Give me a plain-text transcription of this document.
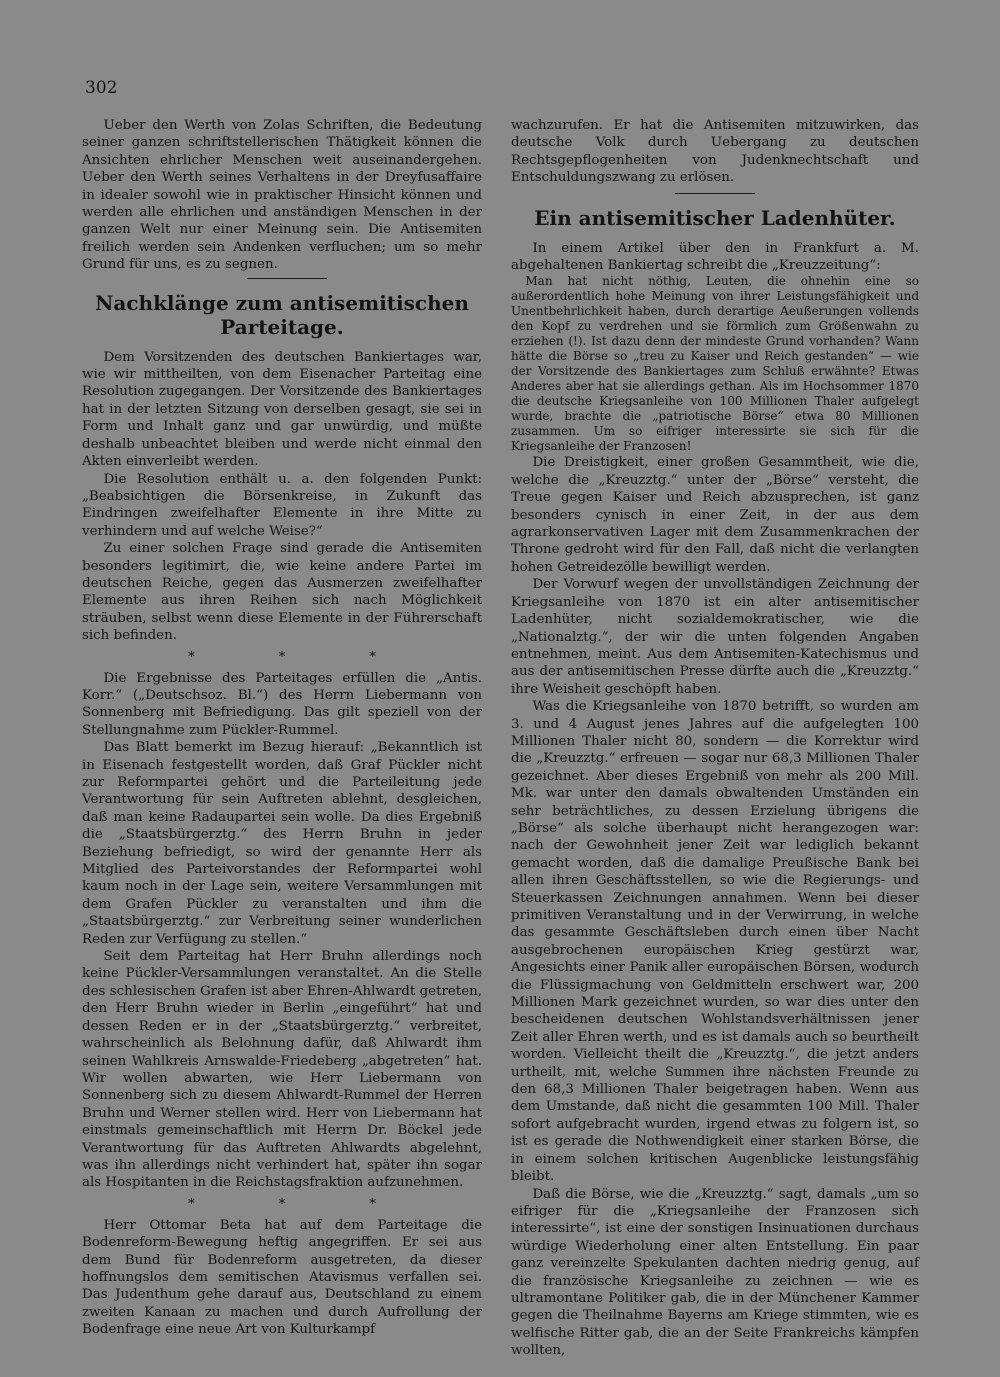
302

Ueber den Werth von Zolas Schriften, die Bedeutung seiner ganzen schriftstellerischen Thätigkeit können die Ansichten ehrlicher Menschen weit auseinandergehen. Ueber den Werth seines Verhaltens in der Dreyfusaffaire in idealer sowohl wie in praktischer Hinsicht können und werden alle ehrlichen und anständigen Menschen in der ganzen Welt nur einer Meinung sein. Die Antisemiten freilich werden sein Andenken verfluchen; um so mehr Grund für uns, es zu segnen.

Nachklänge zum antisemitischen Parteitage.

Dem Vorsitzenden des deutschen Bankiertages war, wie wir mittheilten, von dem Eisenacher Parteitag eine Resolution zugegangen. Der Vorsitzende des Bankiertages hat in der letzten Sitzung von derselben gesagt, sie sei in Form und Inhalt ganz und gar unwürdig, und müßte deshalb unbeachtet bleiben und werde nicht einmal den Akten einverleibt werden.

Die Resolution enthält u. a. den folgenden Punkt: „Beabsichtigen die Börsenkreise, in Zukunft das Eindringen zweifelhafter Elemente in ihre Mitte zu verhindern und auf welche Weise?“

Zu einer solchen Frage sind gerade die Antisemiten besonders legitimirt, die, wie keine andere Partei im deutschen Reiche, gegen das Ausmerzen zweifelhafter Elemente aus ihren Reihen sich nach Möglichkeit sträuben, selbst wenn diese Elemente in der Führerschaft sich befinden.

* * *

Die Ergebnisse des Parteitages erfüllen die „Antis. Korr.“ („Deutschsoz. Bl.“) des Herrn Liebermann von Sonnenberg mit Befriedigung. Das gilt speziell von der Stellungnahme zum Pückler-Rummel.

Das Blatt bemerkt im Bezug hierauf: „Bekanntlich ist in Eisenach festgestellt worden, daß Graf Pückler nicht zur Reformpartei gehört und die Parteileitung jede Verantwortung für sein Auftreten ablehnt, desgleichen, daß man keine Radaupartei sein wolle. Da dies Ergebniß die „Staatsbürgerztg.“ des Herrn Bruhn in jeder Beziehung befriedigt, so wird der genannte Herr als Mitglied des Parteivorstandes der Reformpartei wohl kaum noch in der Lage sein, weitere Versammlungen mit dem Grafen Pückler zu veranstalten und ihm die „Staatsbürgerztg.“ zur Verbreitung seiner wunderlichen Reden zur Verfügung zu stellen.“

Seit dem Parteitag hat Herr Bruhn allerdings noch keine Pückler-Versammlungen veranstaltet. An die Stelle des schlesischen Grafen ist aber Ehren-Ahlwardt getreten, den Herr Bruhn wieder in Berlin „eingeführt“ hat und dessen Reden er in der „Staatsbürgerztg.“ verbreitet, wahrscheinlich als Belohnung dafür, daß Ahlwardt ihm seinen Wahlkreis Arnswalde-Friedeberg „abgetreten“ hat. Wir wollen abwarten, wie Herr Liebermann von Sonnenberg sich zu diesem Ahlwardt-Rummel der Herren Bruhn und Werner stellen wird. Herr von Liebermann hat einstmals gemeinschaftlich mit Herrn Dr. Böckel jede Verantwortung für das Auftreten Ahlwardts abgelehnt, was ihn allerdings nicht verhindert hat, später ihn sogar als Hospitanten in die Reichstagsfraktion aufzunehmen.

* * *

Herr Ottomar Beta hat auf dem Parteitage die Bodenreform-Bewegung heftig angegriffen. Er sei aus dem Bund für Bodenreform ausgetreten, da dieser hoffnungslos dem semitischen Atavismus verfallen sei. Das Judenthum gehe darauf aus, Deutschland zu einem zweiten Kanaan zu machen und durch Aufrollung der Bodenfrage eine neue Art von Kulturkampf

wachzurufen. Er hat die Antisemiten mitzuwirken, das deutsche Volk durch Uebergang zu deutschen Rechtsgepflogenheiten von Judenknechtschaft und Entschuldungszwang zu erlösen.

Ein antisemitischer Ladenhüter.

In einem Artikel über den in Frankfurt a. M. abgehaltenen Bankiertag schreibt die „Kreuzzeitung“:

Man hat nicht nöthig, Leuten, die ohnehin eine so außerordentlich hohe Meinung von ihrer Leistungsfähigkeit und Unentbehrlichkeit haben, durch derartige Aeußerungen vollends den Kopf zu verdrehen und sie förmlich zum Größenwahn zu erziehen (!). Ist dazu denn der mindeste Grund vorhanden? Wann hätte die Börse so „treu zu Kaiser und Reich gestanden“ — wie der Vorsitzende des Bankiertages zum Schluß erwähnte? Etwas Anderes aber hat sie allerdings gethan. Als im Hochsommer 1870 die deutsche Kriegsanleihe von 100 Millionen Thaler aufgelegt wurde, brachte die „patriotische Börse“ etwa 80 Millionen zusammen. Um so eifriger interessirte sie sich für die Kriegsanleihe der Franzosen!

Die Dreistigkeit, einer großen Gesammtheit, wie die, welche die „Kreuzztg.“ unter der „Börse“ versteht, die Treue gegen Kaiser und Reich abzusprechen, ist ganz besonders cynisch in einer Zeit, in der aus dem agrarkonservativen Lager mit dem Zusammenkrachen der Throne gedroht wird für den Fall, daß nicht die verlangten hohen Getreidezölle bewilligt werden.

Der Vorwurf wegen der unvollständigen Zeichnung der Kriegsanleihe von 1870 ist ein alter antisemitischer Ladenhüter, nicht sozialdemokratischer, wie die „Nationalztg.“, der wir die unten folgenden Angaben entnehmen, meint. Aus dem Antisemiten-Katechismus und aus der antisemitischen Presse dürfte auch die „Kreuzztg.“ ihre Weisheit geschöpft haben.

Was die Kriegsanleihe von 1870 betrifft, so wurden am 3. und 4 August jenes Jahres auf die aufgelegten 100 Millionen Thaler nicht 80, sondern — die Korrektur wird die „Kreuzztg.“ erfreuen — sogar nur 68,3 Millionen Thaler gezeichnet. Aber dieses Ergebniß von mehr als 200 Mill. Mk. war unter den damals obwaltenden Umständen ein sehr beträchtliches, zu dessen Erzielung übrigens die „Börse“ als solche überhaupt nicht herangezogen war: nach der Gewohnheit jener Zeit war lediglich bekannt gemacht worden, daß die damalige Preußische Bank bei allen ihren Geschäftsstellen, so wie die Regierungs- und Steuerkassen Zeichnungen annahmen. Wenn bei dieser primitiven Veranstaltung und in der Verwirrung, in welche das gesammte Geschäftsleben durch einen über Nacht ausgebrochenen europäischen Krieg gestürzt war, Angesichts einer Panik aller europäischen Börsen, wodurch die Flüssigmachung von Geldmitteln erschwert war, 200 Millionen Mark gezeichnet wurden, so war dies unter den bescheidenen deutschen Wohlstandsverhältnissen jener Zeit aller Ehren werth, und es ist damals auch so beurtheilt worden. Vielleicht theilt die „Kreuzztg.“, die jetzt anders urtheilt, mit, welche Summen ihre nächsten Freunde zu den 68,3 Millionen Thaler beigetragen haben. Wenn aus dem Umstande, daß nicht die gesammten 100 Mill. Thaler sofort aufgebracht wurden, irgend etwas zu folgern ist, so ist es gerade die Nothwendigkeit einer starken Börse, die in einem solchen kritischen Augenblicke leistungsfähig bleibt.

Daß die Börse, wie die „Kreuzztg.“ sagt, damals „um so eifriger für die „Kriegsanleihe der Franzosen sich interessirte“, ist eine der sonstigen Insinuationen durchaus würdige Wiederholung einer alten Entstellung. Ein paar ganz vereinzelte Spekulanten dachten niedrig genug, auf die französische Kriegsanleihe zu zeichnen — wie es ultramontane Politiker gab, die in der Münchener Kammer gegen die Theilnahme Bayerns am Kriege stimmten, wie es welfische Ritter gab, die an der Seite Frankreichs kämpfen wollten,
